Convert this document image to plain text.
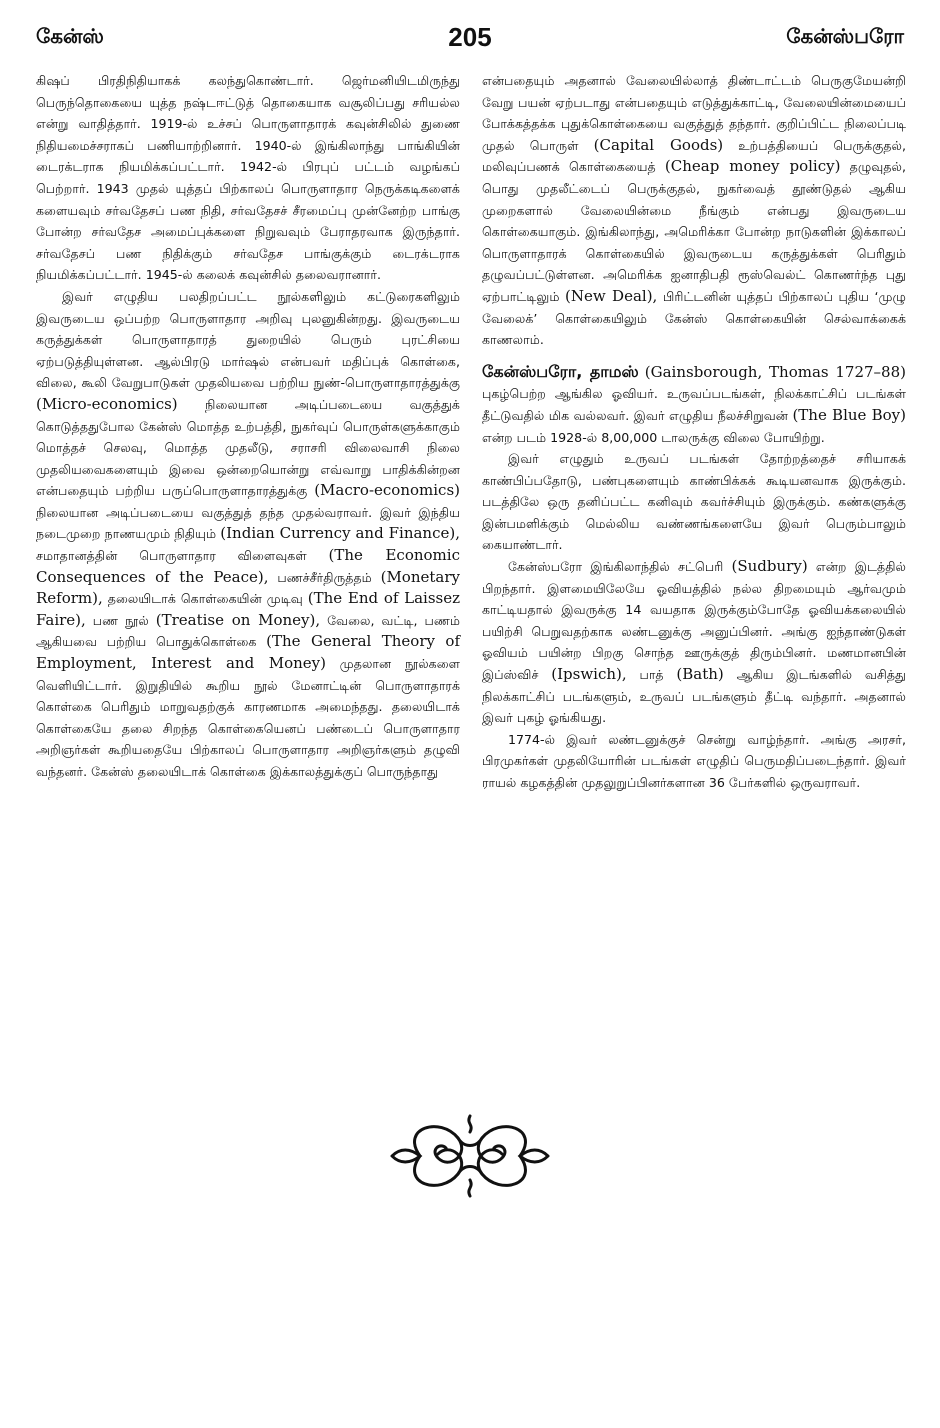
கேன்ஸ்	205	கேன்ஸ்பரோ

கிஷப் பிரதிநிதியாகக் கலந்துகொண்டார். ஜெர்மனியிடமிருந்து பெருந்தொகையை யுத்த நஷ்டஈட்டுத் தொகையாக வசூலிப்பது சரியல்ல என்று வாதித்தார். 1919-ல் உச்சப் பொருளாதாரக் கவுன்சிலில் துணை நிதியமைச்சராகப் பணியாற்றினார். 1940-ல் இங்கிலாந்து பாங்கியின் டைரக்டராக நியமிக்கப்பட்டார். 1942-ல் பிரபுப் பட்டம் வழங்கப் பெற்றார். 1943 முதல் யுத்தப் பிற்காலப் பொருளாதார நெருக்கடிகளைக் களையவும் சர்வதேசப் பண நிதி, சர்வதேசச் சீரமைப்பு முன்னேற்ற பாங்கு போன்ற சர்வதேச அமைப்புக்களை நிறுவவும் பேராதரவாக இருந்தார். சர்வதேசப் பண நிதிக்கும் சர்வதேச பாங்குக்கும் டைரக்டராக நியமிக்கப்பட்டார். 1945-ல் கலைக் கவுன்சில் தலைவரானார்.

இவர் எழுதிய பலதிறப்பட்ட நூல்களிலும் கட்டுரைகளிலும் இவருடைய ஒப்பற்ற பொருளாதார அறிவு புலனுகின்றது. இவருடைய கருத்துக்கள் பொருளாதாரத் துறையில் பெரும் புரட்சியை ஏற்படுத்தியுள்ளன. ஆல்பிரடு மார்ஷல் என்பவர் மதிப்புக் கொள்கை, விலை, கூலி வேறுபாடுகள் முதலியவை பற்றிய நுண்-பொருளாதாரத்துக்கு (Micro-economics) நிலையான அடிப்படையை வகுத்துக் கொடுத்ததுபோல கேன்ஸ் மொத்த உற்பத்தி, நுகர்வுப் பொருள்களுக்காகும் மொத்தச் செலவு, மொத்த முதலீடு, சராசரி விலைவாசி நிலை முதலியவைகளையும் இவை ஒன்றையொன்று எவ்வாறு பாதிக்கின்றன என்பதையும் பற்றிய பருப்பொருளாதாரத்துக்கு (Macro-economics) நிலையான அடிப்படையை வகுத்துத் தந்த முதல்வராவர். இவர் இந்திய நடைமுறை நாணயமும் நிதியும் (Indian Currency and Finance), சமாதானத்தின் பொருளாதார விளைவுகள் (The Economic Consequences of the Peace), பணச்சீர்திருத்தம் (Monetary Reform), தலையிடாக் கொள்கையின் முடிவு (The End of Laissez Faire), பண நூல் (Treatise on Money), வேலை, வட்டி, பணம் ஆகியவை பற்றிய பொதுக்கொள்கை (The General Theory of Employment, Interest and Money) முதலான நூல்களை வெளியிட்டார். இறுதியில் கூறிய நூல் மேனாட்டின் பொருளாதாரக் கொள்கை பெரிதும் மாறுவதற்குக் காரணமாக அமைந்தது. தலையிடாக் கொள்கையே தலை சிறந்த கொள்கையெனப் பண்டைப் பொருளாதார அறிஞர்கள் கூறியதையே பிற்காலப் பொருளாதார அறிஞர்களும் தழுவி வந்தனர். கேன்ஸ் தலையிடாக் கொள்கை இக்காலத்துக்குப் பொருந்தாது

என்பதையும் அதனால் வேலையில்லாத் திண்டாட்டம் பெருகுமேயன்றி வேறு பயன் ஏற்படாது என்பதையும் எடுத்துக்காட்டி, வேலையின்மையைப் போக்கத்தக்க புதுக்கொள்கையை வகுத்துத் தந்தார். குறிப்பிட்ட நிலைப்படி முதல் பொருள் (Capital Goods) உற்பத்தியைப் பெருக்குதல், மலிவுப்பணக் கொள்கையைத் (Cheap money policy) தழுவுதல், பொது முதலீட்டைப் பெருக்குதல், நுகர்வைத் தூண்டுதல் ஆகிய முறைகளால் வேலையின்மை நீங்கும் என்பது இவருடைய கொள்கையாகும். இங்கிலாந்து, அமெரிக்கா போன்ற நாடுகளின் இக்காலப் பொருளாதாரக் கொள்கையில் இவருடைய கருத்துக்கள் பெரிதும் தழுவப்பட்டுள்ளன. அமெரிக்க ஐனாதிபதி ரூஸ்வெல்ட் கொணர்ந்த புது ஏற்பாட்டிலும் (New Deal), பிரிட்டனின் யுத்தப் பிற்காலப் புதிய ‘முழு வேலைக்’ கொள்கையிலும் கேன்ஸ் கொள்கையின் செல்வாக்கைக் காணலாம்.

கேன்ஸ்பரோ, தாமஸ் (Gainsborough, Thomas 1727–88) புகழ்பெற்ற ஆங்கில ஓவியர். உருவப்படங்கள், நிலக்காட்சிப் படங்கள் தீட்டுவதில் மிக வல்லவர். இவர் எழுதிய நீலச்சிறுவன் (The Blue Boy) என்ற படம் 1928-ல் 8,00,000 டாலருக்கு விலை போயிற்று.

இவர் எழுதும் உருவப் படங்கள் தோற்றத்தைச் சரியாகக் காண்பிப்பதோடு, பண்புகளையும் காண்பிக்கக் கூடியனவாக இருக்கும். படத்திலே ஒரு தனிப்பட்ட கனிவும் கவர்ச்சியும் இருக்கும். கண்களுக்கு இன்பமளிக்கும் மெல்லிய வண்ணங்களையே இவர் பெரும்பாலும் கையாண்டார்.

கேன்ஸ்பரோ இங்கிலாந்தில் சட்பெரி (Sudbury) என்ற இடத்தில் பிறந்தார். இளமையிலேயே ஓவியத்தில் நல்ல திறமையும் ஆர்வமும் காட்டியதால் இவருக்கு 14 வயதாக இருக்கும்போதே ஓவியக்கலையில் பயிற்சி பெறுவதற்காக லண்டனுக்கு அனுப்பினர். அங்கு ஐந்தாண்டுகள் ஓவியம் பயின்ற பிறகு சொந்த ஊருக்குத் திரும்பினர். மணமானபின் இப்ஸ்விச் (Ipswich), பாத் (Bath) ஆகிய இடங்களில் வசித்து நிலக்காட்சிப் படங்களும், உருவப் படங்களும் தீட்டி வந்தார். அதனால் இவர் புகழ் ஓங்கியது.

1774-ல் இவர் லண்டனுக்குச் சென்று வாழ்ந்தார். அங்கு அரசர், பிரமுகர்கள் முதலியோரின் படங்கள் எழுதிப் பெருமதிப்படைந்தார். இவர் ராயல் கழகத்தின் முதலுறுப்பினர்களான 36 பேர்களில் ஒருவராவர்.
